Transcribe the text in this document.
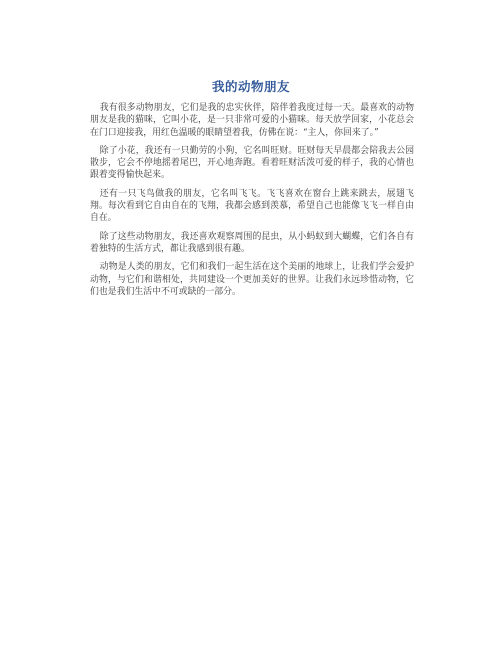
我的动物朋友

我有很多动物朋友，它们是我的忠实伙伴，陪伴着我度过每一天。最喜欢的动物朋友是我的猫咪，它叫小花，是一只非常可爱的小猫咪。每天放学回家，小花总会在门口迎接我，用红色温暖的眼睛望着我，仿佛在说：“主人，你回来了。”

除了小花，我还有一只勤劳的小狗，它名叫旺财。旺财每天早晨都会陪我去公园散步，它会不停地摇着尾巴，开心地奔跑。看着旺财活泼可爱的样子，我的心情也跟着变得愉快起来。

还有一只飞鸟做我的朋友，它名叫飞飞。飞飞喜欢在窗台上跳来跳去，展翅飞翔。每次看到它自由自在的飞翔，我都会感到羡慕，希望自己也能像飞飞一样自由自在。

除了这些动物朋友，我还喜欢观察周围的昆虫，从小蚂蚁到大蝴蝶，它们各自有着独特的生活方式，都让我感到很有趣。

动物是人类的朋友，它们和我们一起生活在这个美丽的地球上，让我们学会爱护动物，与它们和谐相处，共同建设一个更加美好的世界。让我们永远珍惜动物，它们也是我们生活中不可或缺的一部分。
